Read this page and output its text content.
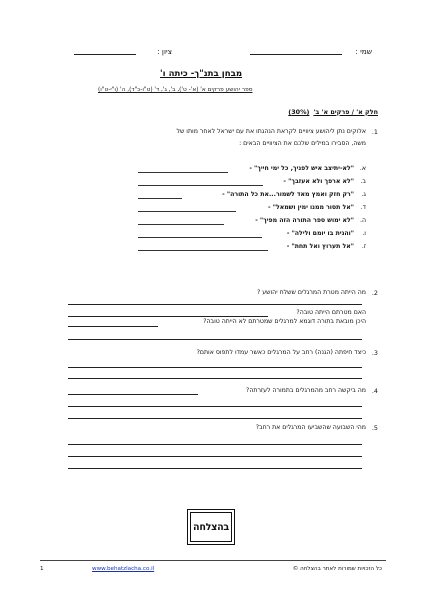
שמי :
ציון :
מבחן בתנ"ך- כיתה ו'
ספר יהושע פרקים א' (א'- ט'), ב', ג', ד' (ט"ו-כ"ד), ה' (ו"י-ט"ו)
חלק א' / פרקים א' ב'
(30%)
1.
אלוקים נתן ליהושע ציוויים לקראת הנהגתו את עם ישראל לאחר מותו של
משה, הסבירו במילים שלכם את הציוויים הבאים :
א.
"לא-יתיצב איש לפניך, כל ימי חייך" -
ב.
"לא ארפך ולא אעזבך" -
ג.
"רק חזק ואמץ מאד לשמור...את כל התורה" -
ד.
"אל תסור ממנו ימין ושמאל" -
ה.
"לא ימוש ספר התורה הזה מפיך" -
ו.
"והגית בו יומם ולילה" -
ז.
"אל תערוץ ואל תחת" -
2.
מה הייתה מטרת המרגלים ששלח יהושע ?
האם מטרתם הייתה טובה?
היכן מובאת בתורה דוגמא למרגלים שמטרתם לא הייתה טובה?
3.
כיצד חיפתה (הגנה) רחב על המרגלים כאשר עמדו לתפוס אותם?
4.
מה ביקשה רחב מהמרגלים בתמורה לעזרתה?
5.
מהי השבועה שהשביעו המרגלים את רחב?
בהצלחה
כל הזכויות שמורות לאתר בהצלחה ©
www.behatzlacha.co.il
1
